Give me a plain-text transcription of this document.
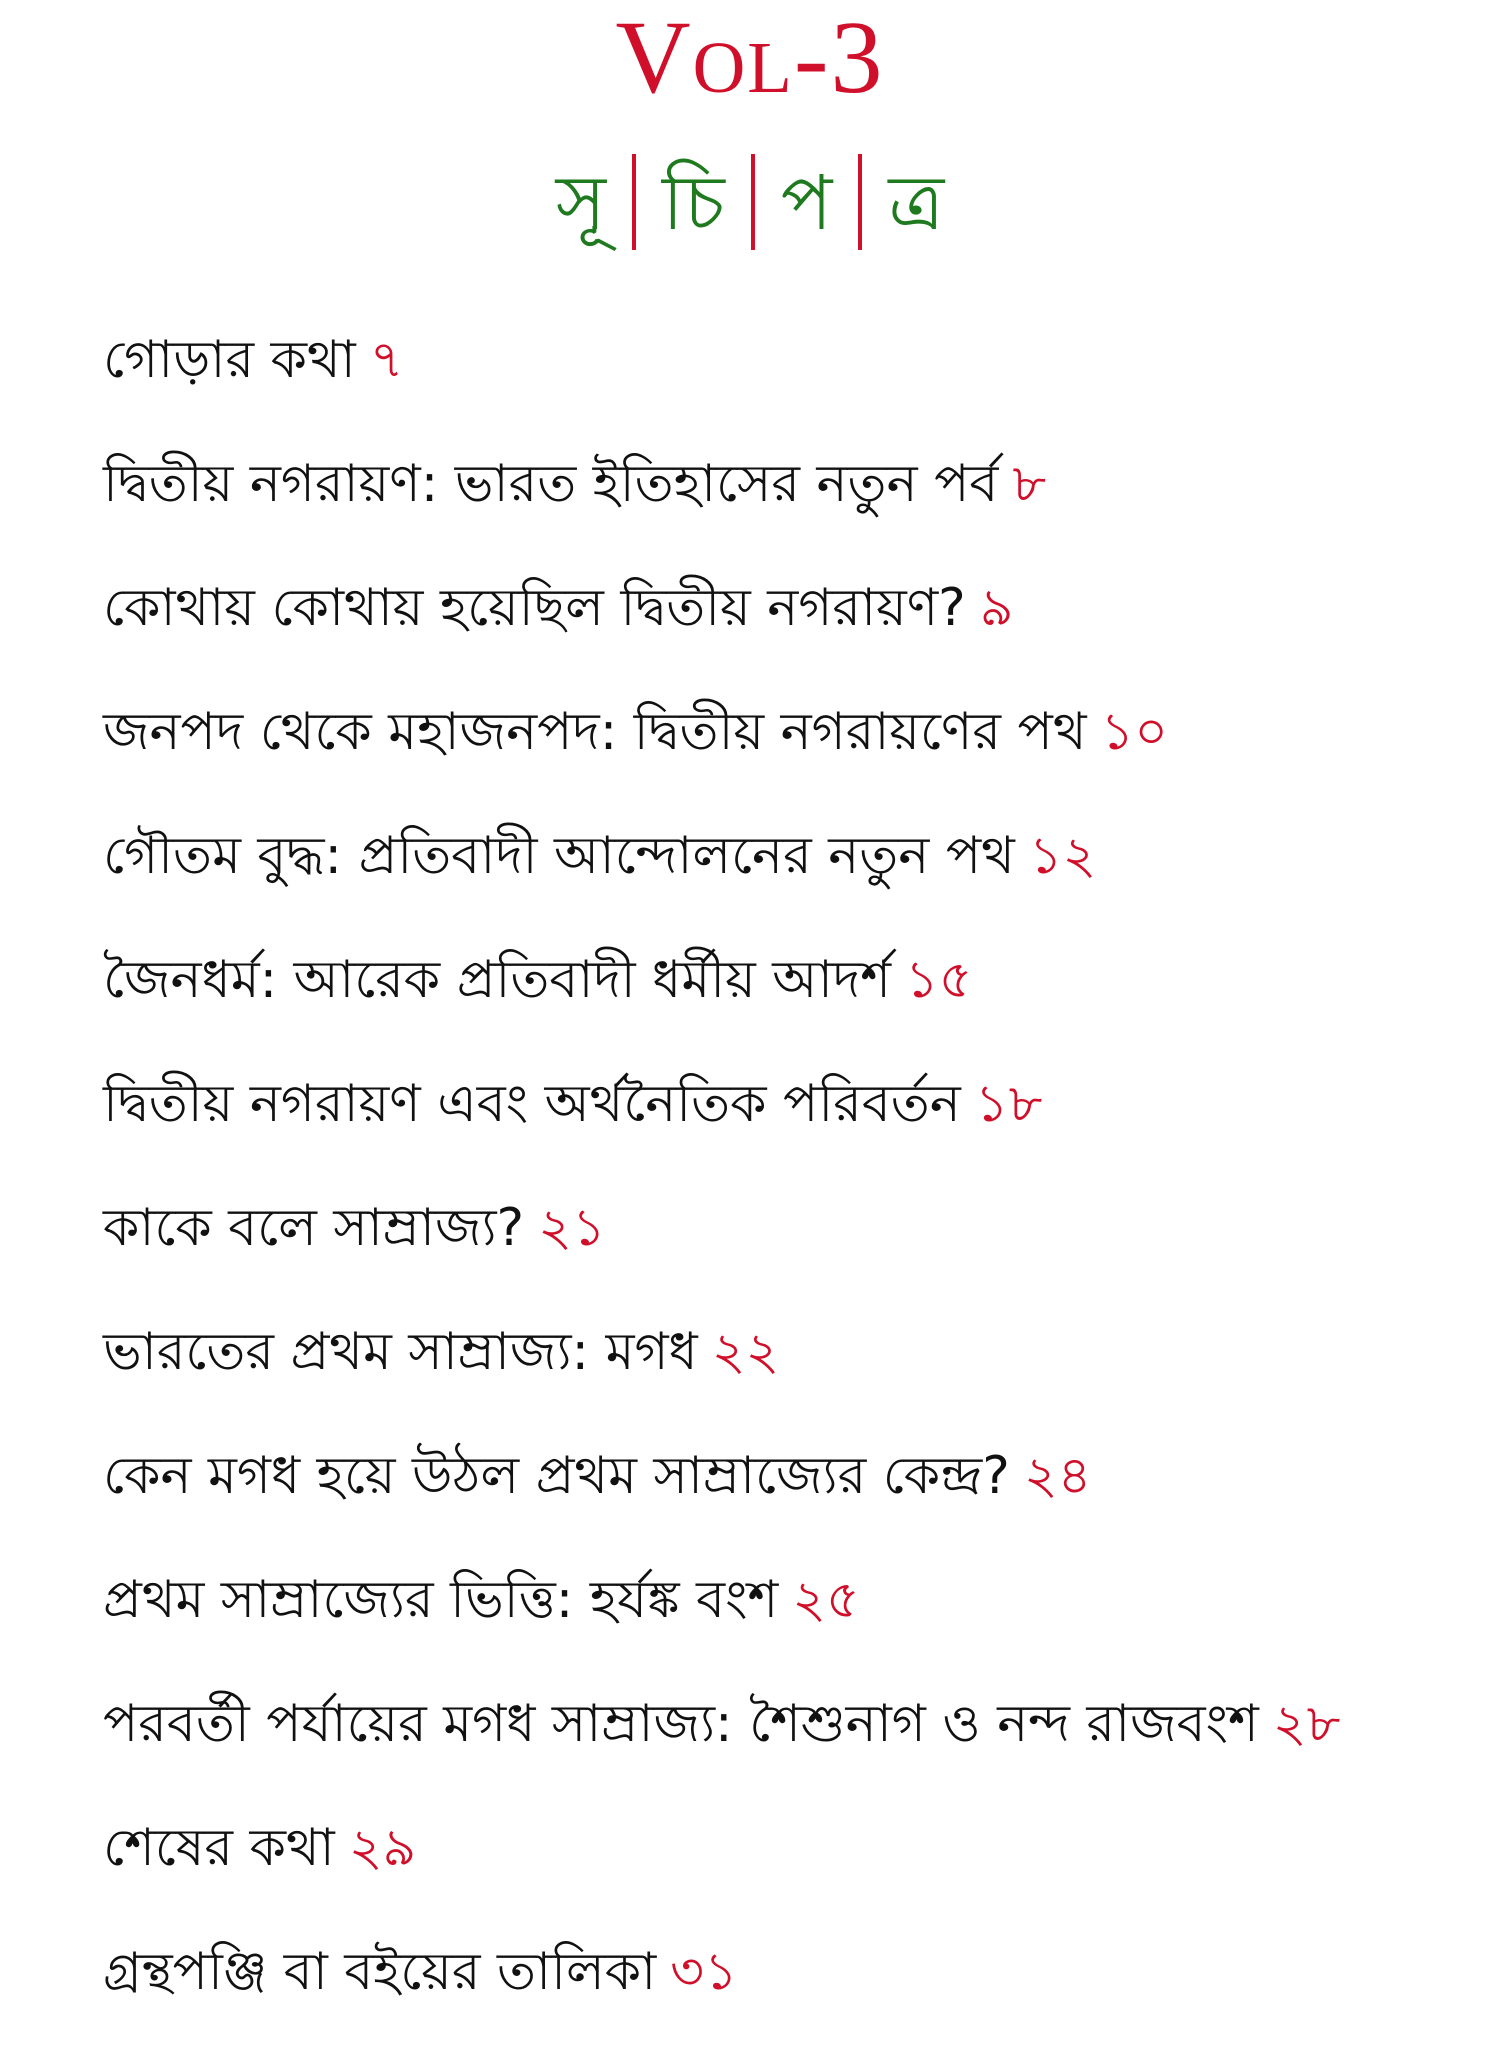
Vol-3
সূ চি প ত্র
গোড়ার কথা ৭
দ্বিতীয় নগরায়ণ: ভারত ইতিহাসের নতুন পর্ব ৮
কোথায় কোথায় হয়েছিল দ্বিতীয় নগরায়ণ? ৯
জনপদ থেকে মহাজনপদ: দ্বিতীয় নগরায়ণের পথ ১০
গৌতম বুদ্ধ: প্রতিবাদী আন্দোলনের নতুন পথ ১২
জৈনধর্ম: আরেক প্রতিবাদী ধর্মীয় আদর্শ ১৫
দ্বিতীয় নগরায়ণ এবং অর্থনৈতিক পরিবর্তন ১৮
কাকে বলে সাম্রাজ্য? ২১
ভারতের প্রথম সাম্রাজ্য: মগধ ২২
কেন মগধ হয়ে উঠল প্রথম সাম্রাজ্যের কেন্দ্র? ২৪
প্রথম সাম্রাজ্যের ভিত্তি: হর্যঙ্ক বংশ ২৫
পরবর্তী পর্যায়ের মগধ সাম্রাজ্য: শৈশুনাগ ও নন্দ রাজবংশ ২৮
শেষের কথা ২৯
গ্রন্থপঞ্জি বা বইয়ের তালিকা ৩১
